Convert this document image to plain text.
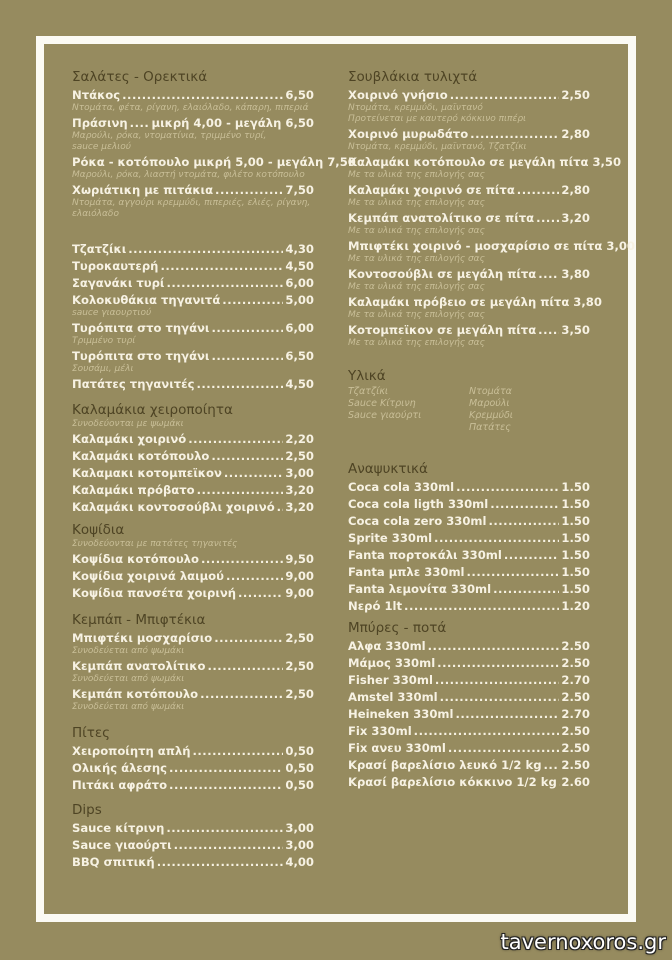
Σαλάτες - Ορεκτικά
Ντάκος .....	6,50
Ντομάτα, φέτα, ρίγανη, ελαιόλαδο, κάπαρη, πιπεριά
Πράσινη ..... μικρή 4,00 - μεγάλη 6,50
Μαρούλι, ρόκα, ντοματίνια, τριμμένο τυρί,
sauce μελιού
Ρόκα - κοτόπουλο μικρή 5,00 - μεγάλη 7,50
Μαρούλι, ρόκα, λιαστή ντομάτα, φιλέτο κοτόπουλο
Χωριάτικη με πιτάκια .....	7,50
Ντομάτα, αγγούρι κρεμμύδι, πιπεριές, ελιές, ρίγανη,
ελαιόλαδο
Τζατζίκι .....	4,30
Τυροκαυτερή .....	4,50
Σαγανάκι τυρί .....	6,00
Κολοκυθάκια τηγανιτά .....	5,00
sauce γιαουρτιού
Τυρόπιτα στο τηγάνι .....	6,00
Τριμμένο τυρί
Τυρόπιτα στο τηγάνι .....	6,50
Σουσάμι, μέλι
Πατάτες τηγανιτές .....	4,50
Καλαμάκια χειροποίητα
Συνοδεύονται με ψωμάκι
Καλαμάκι χοιρινό .....	2,20
Καλαμάκι κοτόπουλο .....	2,50
Καλαμακι κοτομπεϊκον .....	3,00
Καλαμάκι πρόβατο .....	3,20
Καλαμάκι κοντοσούβλι χοιρινό ..... 3,20
Κοψίδια
Συνοδεύονται με πατάτες τηγανιτές
Κοψίδια κοτόπουλο .....	9,50
Κοψίδια χοιρινά λαιμού .....	9,00
Κοψίδια πανσέτα χοιρινή .....	9,00
Κεμπάπ - Μπιφτέκια
Μπιφτέκι μοσχαρίσιο .....	2,50
Συνοδεύεται από ψωμάκι
Κεμπάπ ανατολίτικο .....	2,50
Συνοδεύεται από ψωμάκι
Κεμπάπ κοτόπουλο .....	2,50
Συνοδεύεται από ψωμάκι
Πίτες
Χειροποίητη απλή .....	0,50
Ολικής άλεσης .....	0,50
Πιτάκι αφράτο .....	0,50
Dips
Sauce κίτρινη .....	3,00
Sauce γιαούρτι .....	3,00
BBQ σπιτική .....	4,00
Σουβλάκια τυλιχτά
Χοιρινό γνήσιο .....	2,50
Ντομάτα, κρεμμύδι, μαϊντανό
Προτείνεται με καυτερό κόκκινο πιπέρι
Χοιρινό μυρωδάτο .....	2,80
Ντομάτα, κρεμμύδι, μαϊντανό, Τζατζίκι
Καλαμάκι κοτόπουλο σε μεγάλη πίτα 3,50
Με τα υλικά της επιλογής σας
Καλαμάκι χοιρινό σε πίτα .....	2,80
Με τα υλικά της επιλογής σας
Κεμπάπ ανατολίτικο σε πίτα ..... 3,20
Με τα υλικά της επιλογής σας
Μπιφτέκι χοιρινό - μοσχαρίσιο σε πίτα 3,00
Με τα υλικά της επιλογής σας
Κοντοσούβλι σε μεγάλη πίτα ..... 3,80
Με τα υλικά της επιλογής σας
Καλαμάκι πρόβειο σε μεγάλη πίτα 3,80
Με τα υλικά της επιλογής σας
Κοτομπεϊκον σε μεγάλη πίτα ..... 3,50
Με τα υλικά της επιλογής σας
Υλικά
Τζατζίκι
Sauce Κίτρινη
Sauce γιαούρτι
Ντομάτα
Μαρούλι
Κρεμμύδι
Πατάτες
Αναψυκτικά
Coca cola 330ml .....	1.50
Coca cola ligth 330ml .....	1.50
Coca cola zero 330ml .....	1.50
Sprite 330ml .....	1.50
Fanta πορτοκάλι 330ml .....	1.50
Fanta μπλε 330ml .....	1.50
Fanta λεμονίτα 330ml .....	1.50
Νερό 1lt .....	1.20
Μπύρες - ποτά
Αλφα 330ml .....	2.50
Μάμος 330ml .....	2.50
Fisher 330ml .....	2.70
Amstel 330ml .....	2.50
Heineken 330ml .....	2.70
Fix 330ml .....	2.50
Fix ανευ 330ml .....	2.50
Κρασί βαρελίσιο λευκό 1/2 kg ..... 2.50
Κρασί βαρελίσιο κόκκινο 1/2 kg ..... 2.60
tavernoxoros.gr
